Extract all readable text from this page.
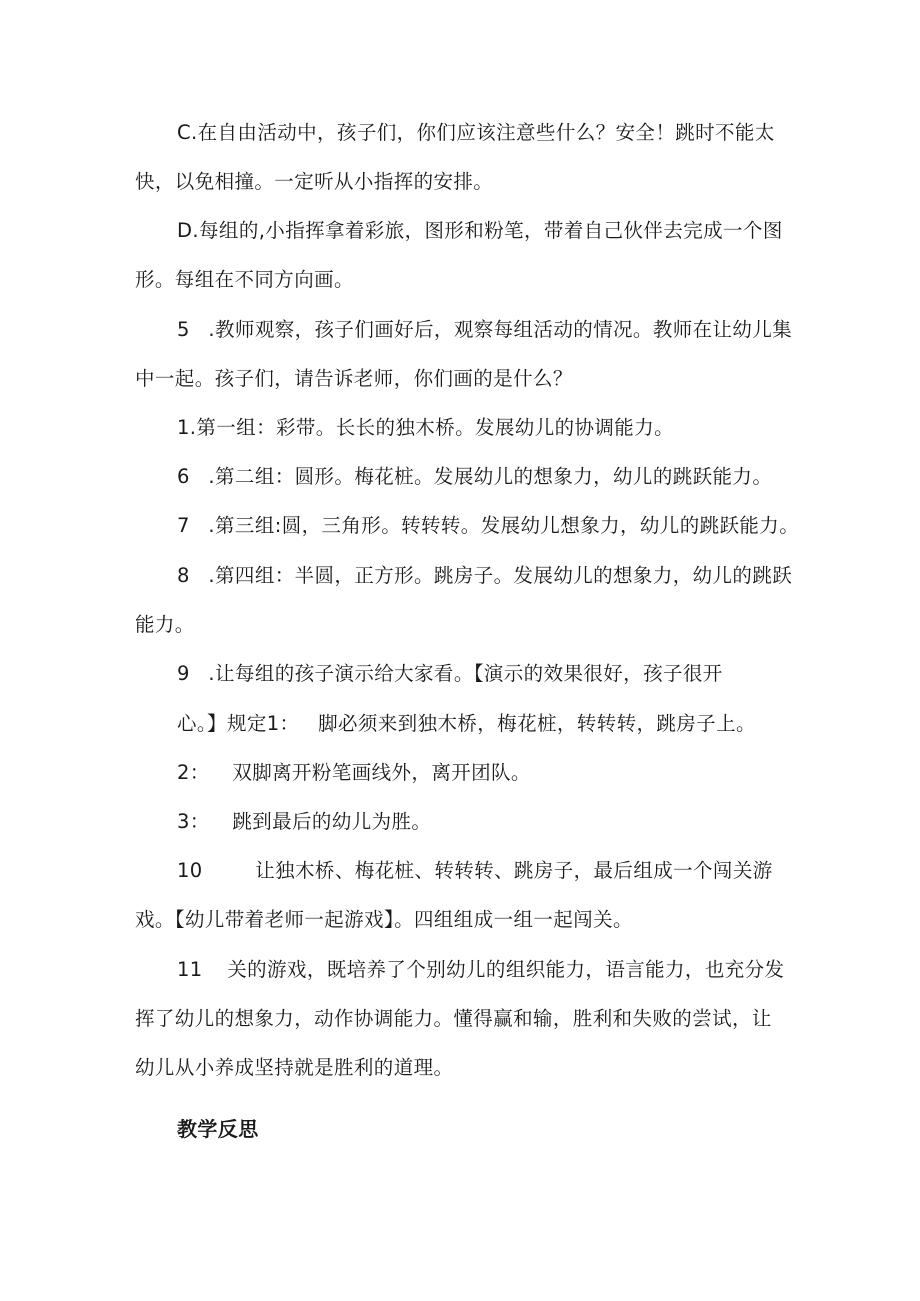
C.在自由活动中，孩子们，你们应该注意些什么？安全！跳时不能太
快，以免相撞。一定听从小指挥的安排。
D.每组的,小指挥拿着彩旅，图形和粉笔，带着自己伙伴去完成一个图
形。每组在不同方向画。
5 .教师观察，孩子们画好后，观察每组活动的情况。教师在让幼儿集
中一起。孩子们，请告诉老师，你们画的是什么？
1.第一组：彩带。长长的独木桥。发展幼儿的协调能力。
6 .第二组：圆形。梅花桩。发展幼儿的想象力，幼儿的跳跃能力。
7 .第三组:圆，三角形。转转转。发展幼儿想象力，幼儿的跳跃能力。
8 .第四组：半圆，正方形。跳房子。发展幼儿的想象力，幼儿的跳跃
能力。
9 .让每组的孩子演示给大家看。【演示的效果很好，孩子很开
心。】规定1： 脚必须来到独木桥，梅花桩，转转转，跳房子上。
2： 双脚离开粉笔画线外，离开团队。
3： 跳到最后的幼儿为胜。
10	让独木桥、梅花桩、转转转、跳房子，最后组成一个闯关游
戏。【幼儿带着老师一起游戏】。四组组成一组一起闯关。
11 关的游戏，既培养了个别幼儿的组织能力，语言能力，也充分发
挥了幼儿的想象力，动作协调能力。懂得赢和输，胜利和失败的尝试，让
幼儿从小养成坚持就是胜利的道理。
教学反思
